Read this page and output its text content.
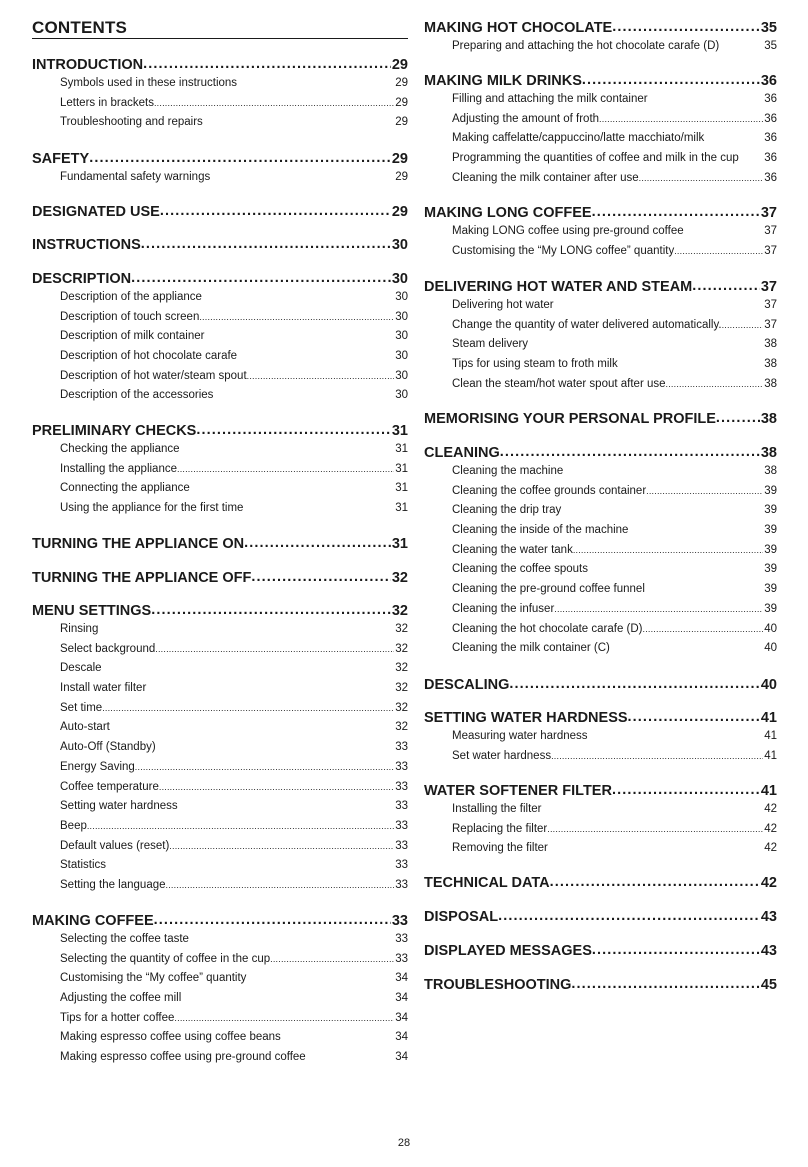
CONTENTS
INTRODUCTION .....	29
Symbols used in these instructions .....	29
Letters in brackets .....	29
Troubleshooting and repairs .....	29
SAFETY .....	29
Fundamental safety warnings .....	29
DESIGNATED USE .....	29
INSTRUCTIONS .....	30
DESCRIPTION .....	30
Description of the appliance .....	30
Description of touch screen .....	30
Description of milk container .....	30
Description of hot chocolate carafe .....	30
Description of hot water/steam spout .....	30
Description of the accessories .....	30
PRELIMINARY CHECKS .....	31
Checking the appliance .....	31
Installing the appliance .....	31
Connecting the appliance .....	31
Using the appliance for the first time .....	31
TURNING THE APPLIANCE ON .....	31
TURNING THE APPLIANCE OFF .....	32
MENU SETTINGS .....	32
Rinsing .....	32
Select background .....	32
Descale .....	32
Install water filter .....	32
Set time .....	32
Auto-start .....	32
Auto-Off (Standby) .....	33
Energy Saving .....	33
Coffee temperature .....	33
Setting water hardness .....	33
Beep .....	33
Default values (reset) .....	33
Statistics .....	33
Setting the language .....	33
MAKING COFFEE .....	33
Selecting the coffee taste .....	33
Selecting the quantity of coffee in the cup .....	33
Customising the “My coffee” quantity .....	34
Adjusting the coffee mill .....	34
Tips for a hotter coffee .....	34
Making espresso coffee using coffee beans .....	34
Making espresso coffee using pre-ground coffee .....	34
MAKING HOT CHOCOLATE .....	35
Preparing and attaching the hot chocolate carafe (D) .....	35
MAKING MILK DRINKS .....	36
Filling and attaching the milk container .....	36
Adjusting the amount of froth .....	36
Making caffelatte/cappuccino/latte macchiato/milk .....	36
Programming the quantities of coffee and milk in the cup ..... 36
Cleaning the milk container after use .....	36
MAKING LONG COFFEE .....	37
Making LONG coffee using pre-ground coffee .....	37
Customising the “My LONG coffee” quantity .....	37
DELIVERING HOT WATER AND STEAM .....	37
Delivering hot water .....	37
Change the quantity of water delivered automatically. .....	37
Steam delivery .....	38
Tips for using steam to froth milk .....	38
Clean the steam/hot water spout after use .....	38
MEMORISING YOUR PERSONAL PROFILE .....	38
CLEANING .....	38
Cleaning the machine .....	38
Cleaning the coffee grounds container .....	39
Cleaning the drip tray .....	39
Cleaning the inside of the machine .....	39
Cleaning the water tank .....	39
Cleaning the coffee spouts .....	39
Cleaning the pre-ground coffee funnel .....	39
Cleaning the infuser .....	39
Cleaning the hot chocolate carafe (D) .....	40
Cleaning the milk container (C) .....	40
DESCALING .....	40
SETTING WATER HARDNESS .....	41
Measuring water hardness .....	41
Set water hardness .....	41
WATER SOFTENER FILTER .....	41
Installing the filter .....	42
Replacing the filter .....	42
Removing the filter .....	42
TECHNICAL DATA .....	42
DISPOSAL .....	43
DISPLAYED MESSAGES .....	43
TROUBLESHOOTING .....	45
28
